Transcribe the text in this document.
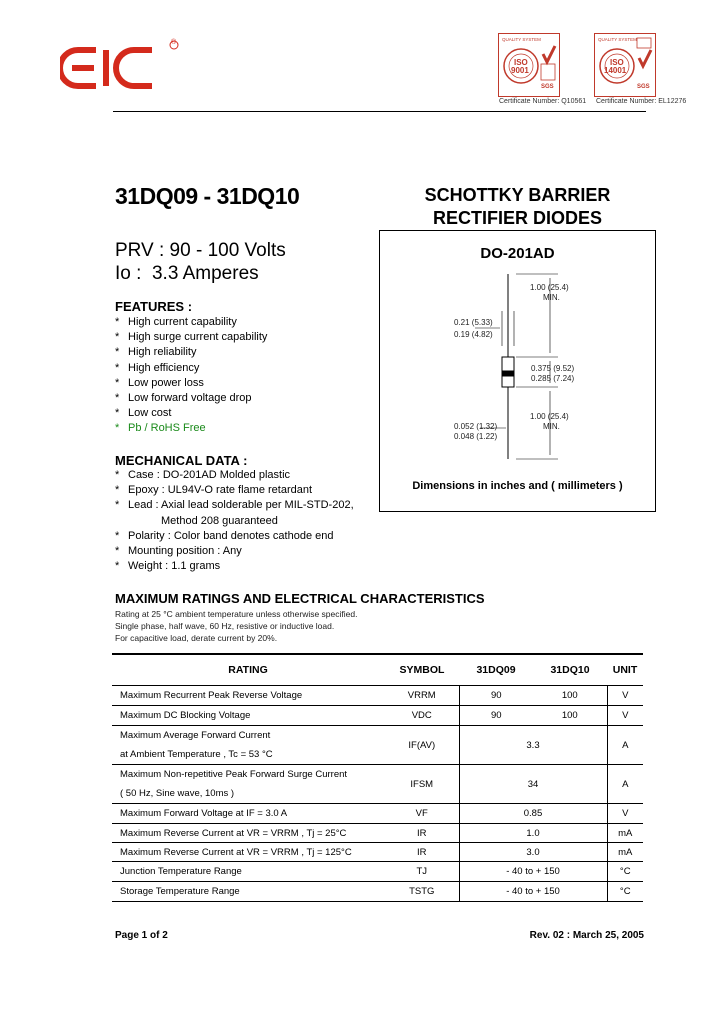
®	QUALITY SYSTEM
ISO
9001
SGS
Certificate Number: Q10561
QUALITY SYSTEM
ISO
14001
SGS
Certificate Number: EL12276
31DQ09 - 31DQ10	SCHOTTKY BARRIER
RECTIFIER DIODES
PRV : 90 - 100 Volts
Io : 3.3 Amperes
FEATURES :
* High current capability
* High surge current capability
* High reliability
* High efficiency
* Low power loss
* Low forward voltage drop
* Low cost
* Pb / RoHS Free
MECHANICAL DATA :
* Case : DO-201AD Molded plastic
* Epoxy : UL94V-O rate flame retardant
* Lead : Axial lead solderable per MIL-STD-202,
Method 208 guaranteed
* Polarity : Color band denotes cathode end
* Mounting position : Any
* Weight : 1.1 grams
DO-201AD
1.00 (25.4)
MIN.
0.21 (5.33)
0.19 (4.82)
0.375 (9.52)
0.285 (7.24)
1.00 (25.4)
MIN.
0.052 (1.32)
0.048 (1.22)
Dimensions in inches and ( millimeters )
MAXIMUM RATINGS AND ELECTRICAL CHARACTERISTICS
Rating at 25 °C ambient temperature unless otherwise specified.
Single phase, half wave, 60 Hz, resistive or inductive load.
For capacitive load, derate current by 20%.
RATING	SYMBOL	31DQ09	31DQ10	UNIT
Maximum Recurrent Peak Reverse Voltage	VRRM	90	100	V
Maximum DC Blocking Voltage	VDC	90	100	V

Maximum Average Forward Current
at Ambient Temperature , Tc = 53 °C	IF(AV)	3.3		A

Maximum Non-repetitive Peak Forward Surge Current
( 50 Hz, Sine wave, 10ms )	IFSM	34		A
Maximum Forward Voltage at IF = 3.0 A	VF	0.85		V
Maximum Reverse Current at VR = VRRM , Tj = 25°C	IR	1.0		mA
Maximum Reverse Current at VR = VRRM , Tj = 125°C	IR	3.0		mA
Junction Temperature Range	TJ	- 40 to + 150		°C
Storage Temperature Range	TSTG	- 40 to + 150		°C
Page 1 of 2	Rev. 02 : March 25, 2005
